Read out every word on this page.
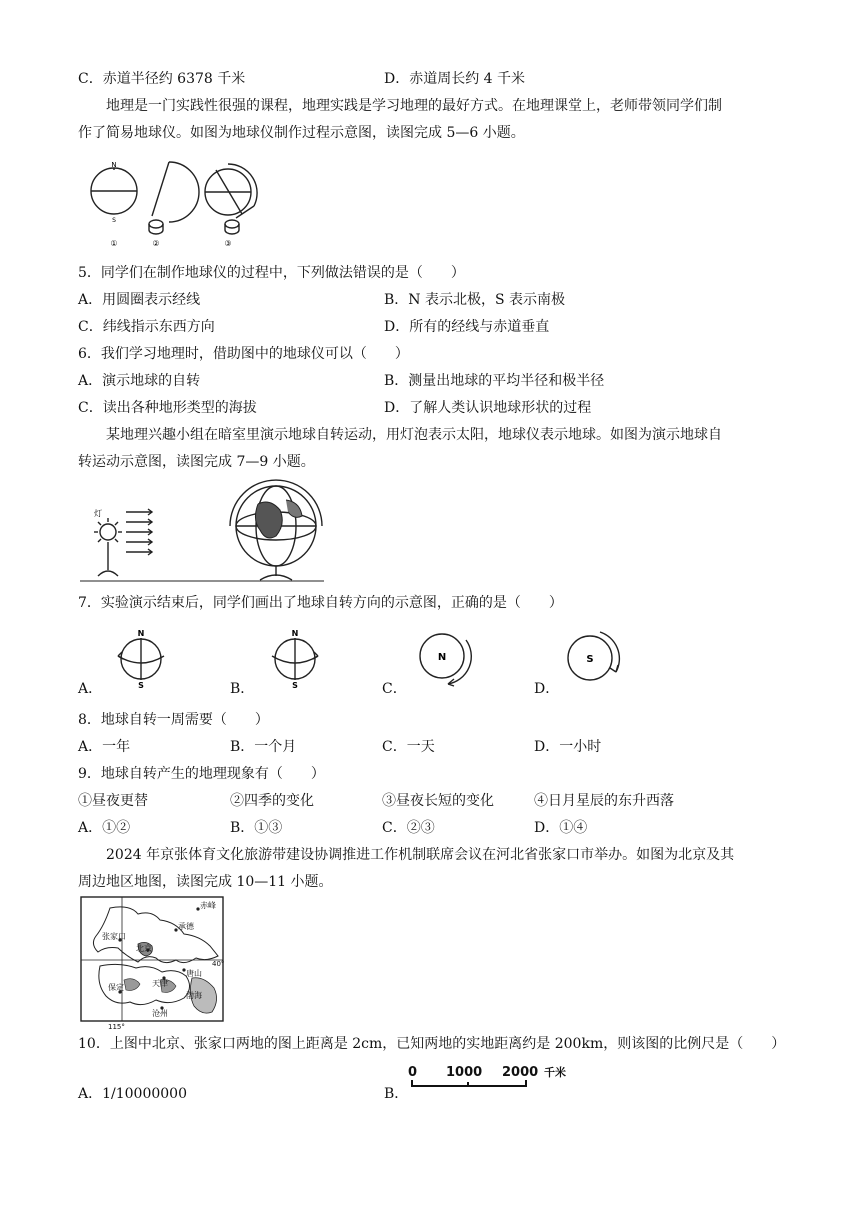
C．赤道半径约 6378 千米	D．赤道周长约 4 千米
地理是一门实践性很强的课程，地理实践是学习地理的最好方式。在地理课堂上，老师带领同学们制
作了简易地球仪。如图为地球仪制作过程示意图，读图完成 5—6 小题。
N
S
①	②	③
5．同学们在制作地球仪的过程中，下列做法错误的是（　　）
A．用圆圈表示经线	B．N 表示北极，S 表示南极
C．纬线指示东西方向	D．所有的经线与赤道垂直
6．我们学习地理时，借助图中的地球仪可以（　　）
A．演示地球的自转	B．测量出地球的平均半径和极半径
C．读出各种地形类型的海拔	D．了解人类认识地球形状的过程
某地理兴趣小组在暗室里演示地球自转运动，用灯泡表示太阳，地球仪表示地球。如图为演示地球自
转运动示意图，读图完成 7—9 小题。
灯
7．实验演示结束后，同学们画出了地球自转方向的示意图，正确的是（　　）
N
S
A．
N
S
B．
N
C．
S
D．
8．地球自转一周需要（　　）
A．一年	B．一个月	C．一天	D．一小时
9．地球自转产生的地理现象有（　　）
①昼夜更替	②四季的变化	③昼夜长短的变化	④日月星辰的东升西落
A．①②	B．①③	C．②③	D．①④
2024 年京张体育文化旅游带建设协调推进工作机制联席会议在河北省张家口市举办。如图为北京及其
周边地区地图，读图完成 10—11 小题。
赤峰
承德
张家口
北京
天津
唐山
保定
渤海
沧州
40°
115°
10．上图中北京、张家口两地的图上距离是 2cm，已知两地的实地距离约是 200km，则该图的比例尺是（　　）
A．1/10000000	B．
0 1000 2000 千米
